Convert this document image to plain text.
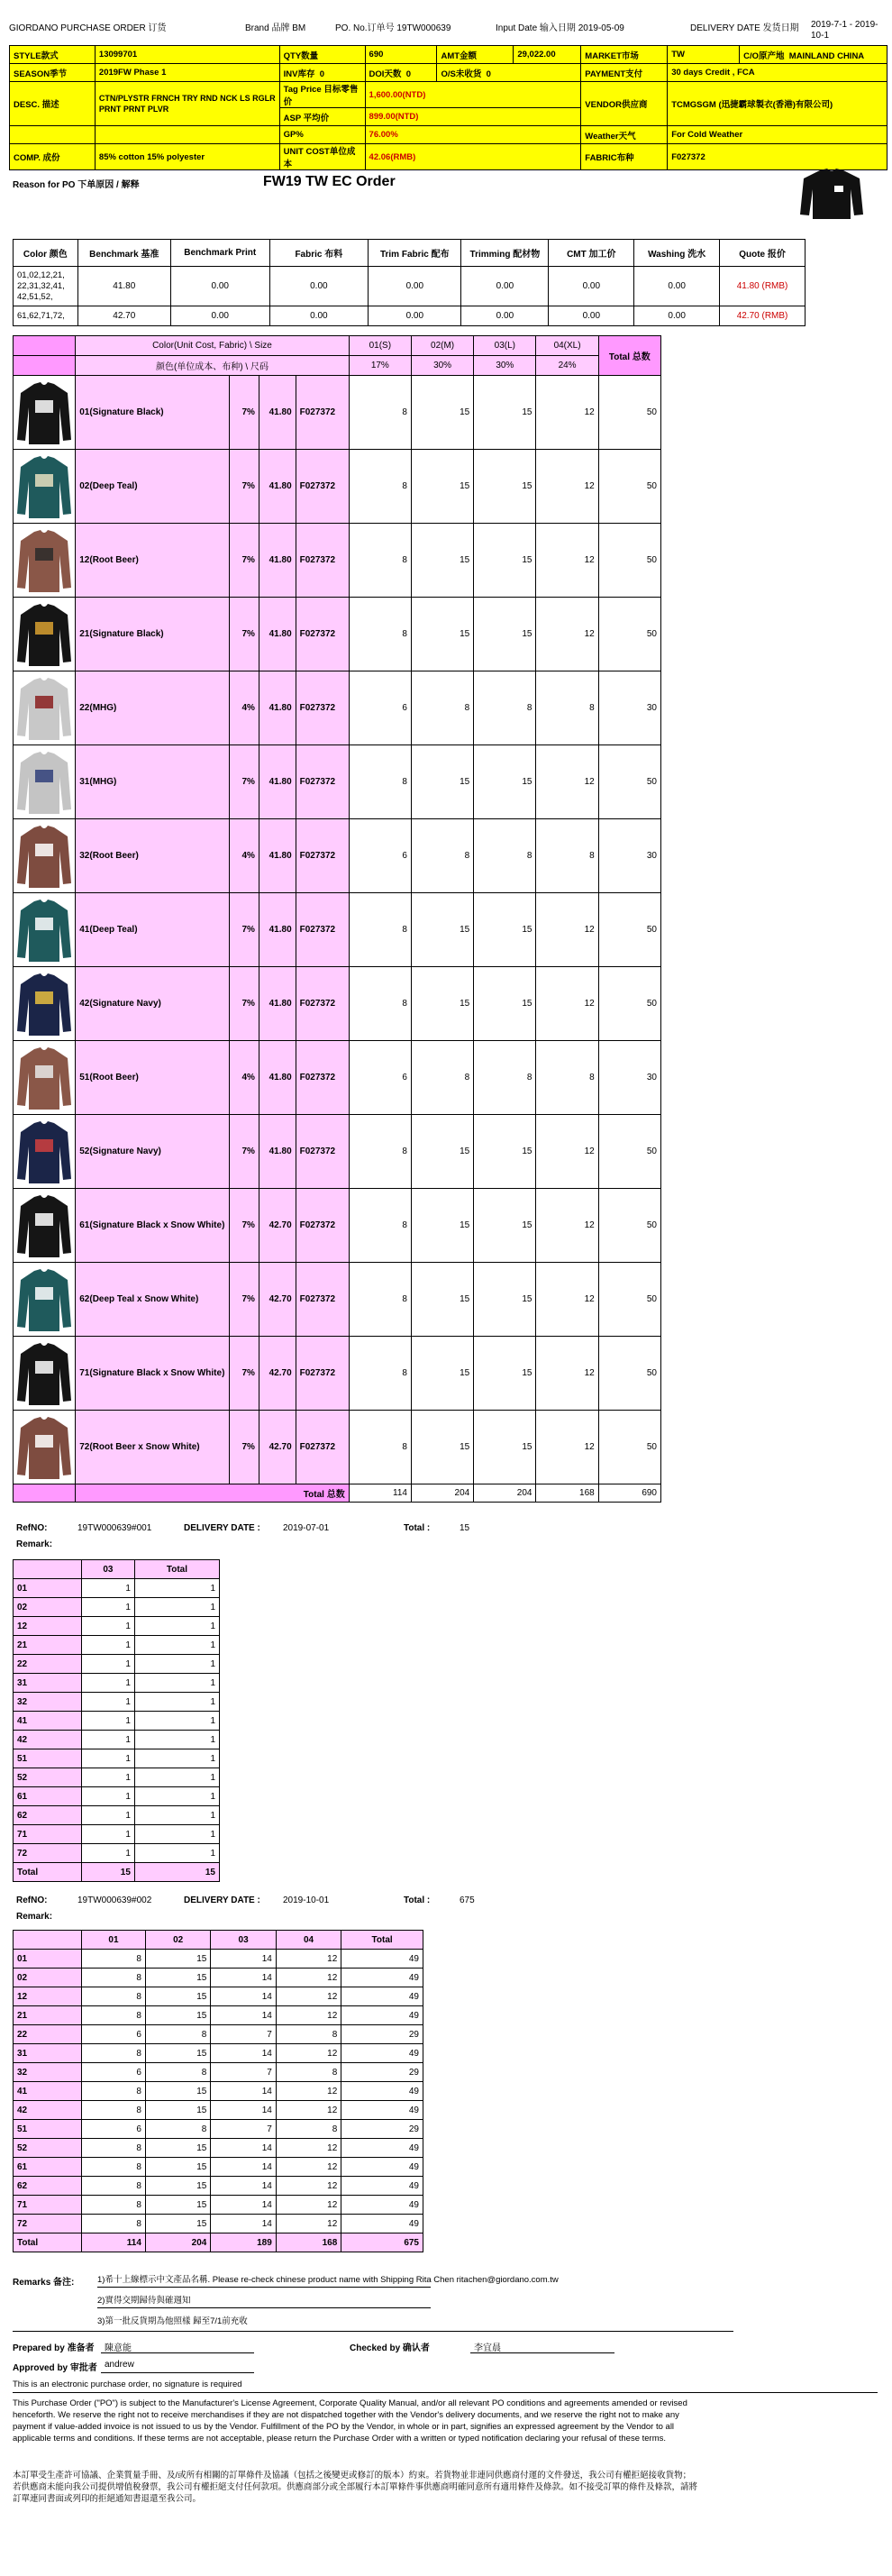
GIORDANO PURCHASE ORDER 订货	Brand 品牌 BM	PO. No.订单号 19TW000639	Input Date 输入日期 2019-05-09	DELIVERY DATE 发货日期 2019-7-1 - 2019-10-1
STYLE款式	13099701	QTY数量	690	AMT金额	29,022.00	MARKET市场	TW	C/O原产地 MAINLAND CHINA
SEASON季节	2019FW Phase 1	INV库存 0	DOI天数 0	O/S未收货 0		PAYMENT支付	30 days Credit , FCA	
DESC. 描述	CTN/PLYSTR FRNCH TRY RND NCK LS RGLR PRNT PRNT PLVR	Tag Price 目标零售价	1,600.00(NTD)			VENDOR供应商	TCMGSGM (迅捷霸球製衣(香港)有限公司)	
		ASP 平均价	899.00(NTD)					
		GP%	76.00%			Weather天气	For Cold Weather	
COMP. 成份	85% cotton 15% polyester	UNIT COST单位成本	42.06(RMB)			FABRIC布种	F027372	
Reason for PO 下单原因 / 解释	FW19 TW EC Order
Color 颜色	Benchmark 基准	Benchmark Print	Fabric 布料	Trim Fabric 配布	Trimming 配材物	CMT 加工价	Washing 洗水	Quote 报价
01,02,12,21, 22,31,32,41, 42,51,52,	41.80	0.00	0.00	0.00	0.00	0.00	0.00	41.80 (RMB)
61,62,71,72,	42.70	0.00	0.00	0.00	0.00	0.00	0.00	42.70 (RMB)
	Color(Unit Cost, Fabric) \ Size				01(S)	02(M)	03(L)	04(XL)	Total 总数
	颜色(单位成本、布种) \ 尺码				17%	30%	30%	24%	

	01(Signature Black)	7%	41.80	F027372	8	15	15	12	50

	02(Deep Teal)	7%	41.80	F027372	8	15	15	12	50

	12(Root Beer)	7%	41.80	F027372	8	15	15	12	50

	21(Signature Black)	7%	41.80	F027372	8	15	15	12	50

	22(MHG)	4%	41.80	F027372	6	8	8	8	30

	31(MHG)	7%	41.80	F027372	8	15	15	12	50

	32(Root Beer)	4%	41.80	F027372	6	8	8	8	30

	41(Deep Teal)	7%	41.80	F027372	8	15	15	12	50

	42(Signature Navy)	7%	41.80	F027372	8	15	15	12	50

	51(Root Beer)	4%	41.80	F027372	6	8	8	8	30

	52(Signature Navy)	7%	41.80	F027372	8	15	15	12	50

	61(Signature Black x Snow White)	7%	42.70	F027372	8	15	15	12	50

	62(Deep Teal x Snow White)	7%	42.70	F027372	8	15	15	12	50

	71(Signature Black x Snow White)	7%	42.70	F027372	8	15	15	12	50

	72(Root Beer x Snow White)	7%	42.70	F027372	8	15	15	12	50
	Total 总数				114	204	204	168	690
RefNO:	19TW000639#001	DELIVERY DATE :	2019-07-01	Total :	15
Remark:
	03	Total
01	1	1
02	1	1
12	1	1
21	1	1
22	1	1
31	1	1
32	1	1
41	1	1
42	1	1
51	1	1
52	1	1
61	1	1
62	1	1
71	1	1
72	1	1
Total	15	15
RefNO:	19TW000639#002	DELIVERY DATE :	2019-10-01	Total :	675
Remark:
	01	02	03	04	Total
01	8	15	14	12	49
02	8	15	14	12	49
12	8	15	14	12	49
21	8	15	14	12	49
22	6	8	7	8	29
31	8	15	14	12	49
32	6	8	7	8	29
41	8	15	14	12	49
42	8	15	14	12	49
51	6	8	7	8	29
52	8	15	14	12	49
61	8	15	14	12	49
62	8	15	14	12	49
71	8	15	14	12	49
72	8	15	14	12	49
Total	114	204	189	168	675
Remarks 备注:	1)希十上線標示中文產品名稱. Please re-check chinese product name with Shipping Rita Chen ritachen@giordano.com.tw
2)實得交期歸待與確週知
3)第一批反貨期為他照樣 歸至7/1前充收
Prepared by 准备者 陳意能	Checked by 确认者	李宜晨
Approved by 审批者 andrew
This is an electronic purchase order, no signature is required
This Purchase Order ("PO") is subject to the Manufacturer's License Agreement, Corporate Quality Manual, and/or all relevant PO conditions and agreements amended or revised henceforth. We reserve the right not to receive merchandises if they are not dispatched together with the Vendor's delivery documents, and we reserve the right not to make any payment if value-added invoice is not issued to us by the Vendor. Fulfillment of the PO by the Vendor, in whole or in part, signifies an expressed agreement by the Vendor to all applicable terms and conditions. If these terms are not acceptable, please return the Purchase Order with a written or typed notification declaring your refusal of these terms.
本訂單受生產許可協議、企業質量手冊、及/或所有相關的訂單條件及協議（包括之後變更或修訂的版本）約束。若貨物並非連同供應商付運的文件發送，我公司有權拒絕接收貨物；若供應商未能向我公司提供增值稅發票，我公司有權拒絕支付任何款項。供應商部分或全部履行本訂單條件事供應商明確同意所有適用條件及條款。如不接受訂單的條件及條款，請將訂單連同書面或列印的拒絕通知書退還至我公司。
